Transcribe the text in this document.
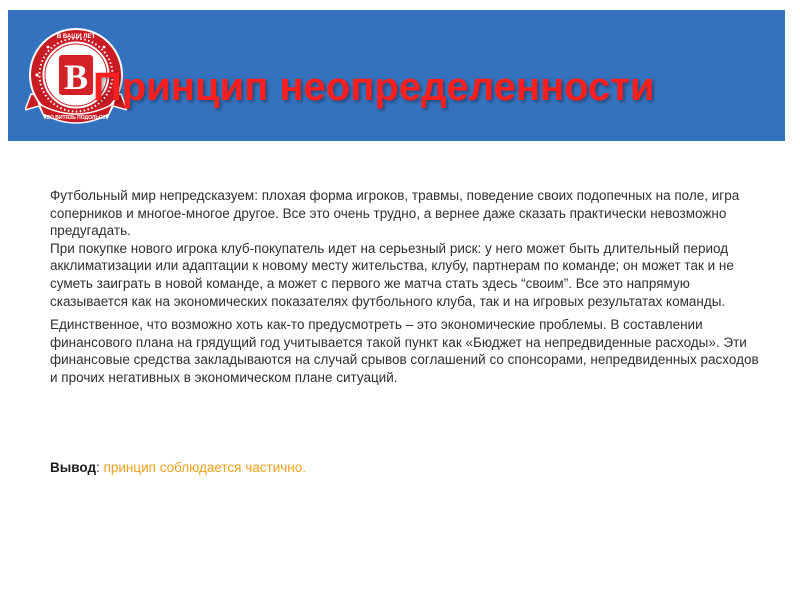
В
В ВАШИ ЛЕТ
ВО ВИТЯЗЬ ПОДОЛЬСК
Принцип неопределенности

Футбольный мир непредсказуем: плохая форма игроков, травмы, поведение своих подопечных на поле, игра соперников и многое-многое другое. Все это очень трудно, а вернее даже сказать практически невозможно предугадать.

При покупке нового игрока клуб-покупатель идет на серьезный риск: у него может быть длительный период акклиматизации или адаптации к новому месту жительства, клубу, партнерам по команде; он может так и не суметь заиграть в новой команде, а может с первого же матча стать здесь “своим”. Все это напрямую сказывается как на экономических показателях футбольного клуба, так и на игровых результатах команды.

Единственное, что возможно хоть как-то предусмотреть – это экономические проблемы. В составлении финансового плана на грядущий год учитывается такой пункт как «Бюджет на непредвиденные расходы». Эти финансовые средства закладываются на случай срывов соглашений со спонсорами, непредвиденных расходов и прочих негативных в экономическом плане ситуаций.

Вывод: принцип соблюдается частично.
